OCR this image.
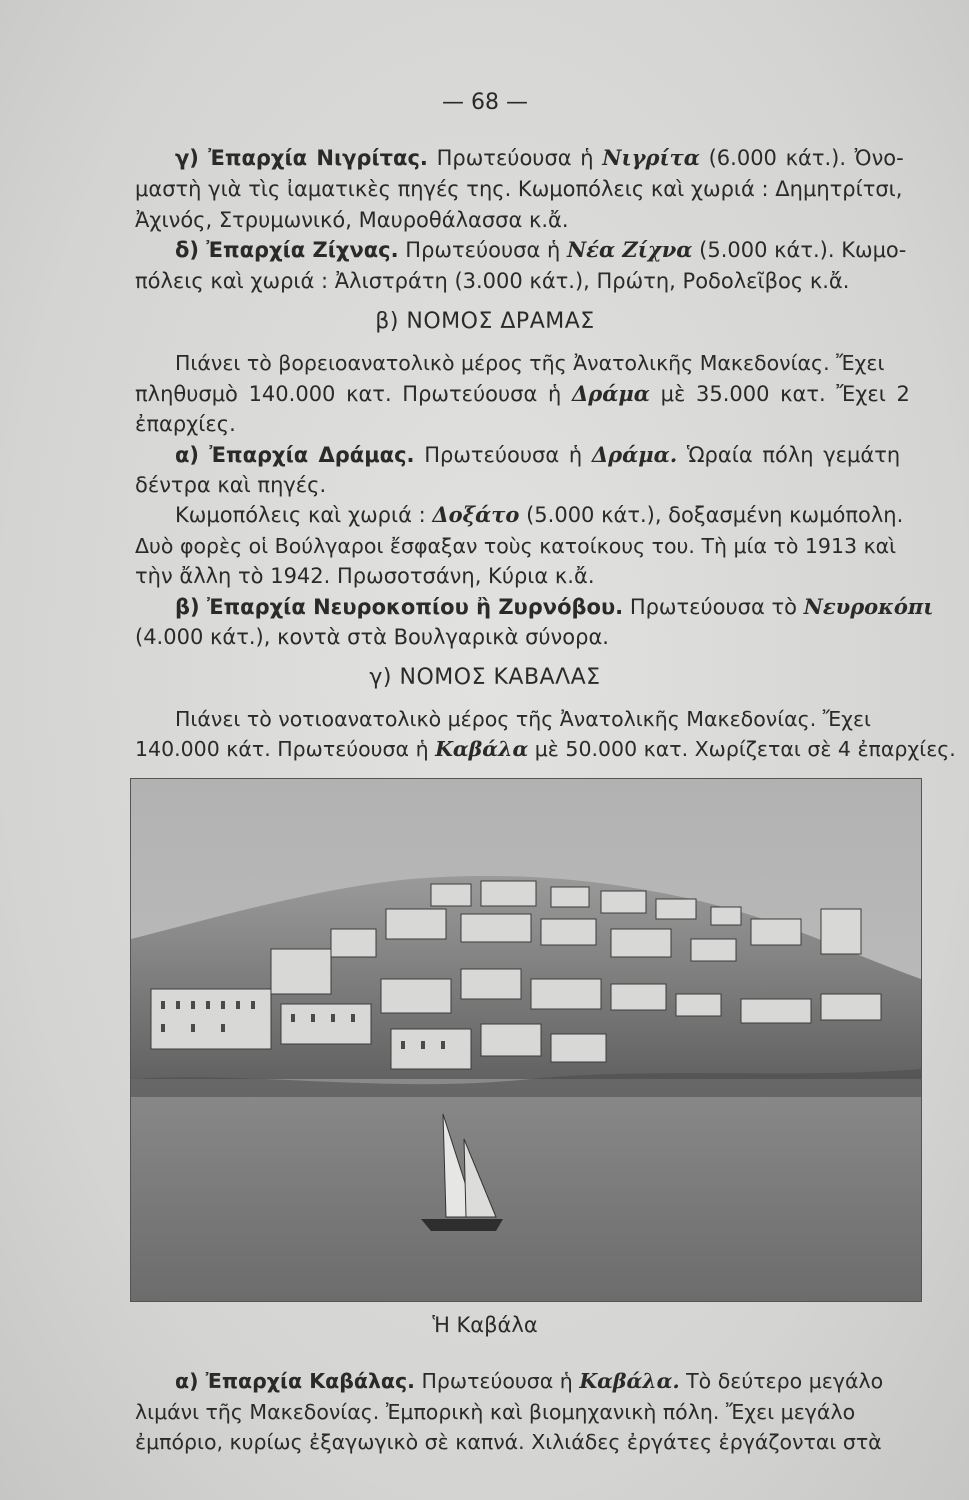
— 68 —
γ) Ἐπαρχία Νιγρίτας. Πρωτεύουσα ἡ Νιγρίτα (6.000 κάτ.). Ὀνο-
μαστὴ γιὰ τὶς ἰαματικὲς πηγές της. Κωμοπόλεις καὶ χωριά : Δημητρίτσι,
Ἀχινός, Στρυμωνικό, Μαυροθάλασσα κ.ἄ.
δ) Ἐπαρχία Ζίχνας. Πρωτεύουσα ἡ Νέα Ζίχνα (5.000 κάτ.). Κωμο-
πόλεις καὶ χωριά : Ἀλιστράτη (3.000 κάτ.), Πρώτη, Ροδολεῖβος κ.ἄ.
β) ΝΟΜΟΣ ΔΡΑΜΑΣ
Πιάνει τὸ βορειοανατολικὸ μέρος τῆς Ἀνατολικῆς Μακεδονίας. Ἔχει
πληθυσμὸ 140.000 κατ. Πρωτεύουσα ἡ Δράμα μὲ 35.000 κατ. Ἔχει 2
ἐπαρχίες.
α) Ἐπαρχία Δράμας. Πρωτεύουσα ἡ Δράμα. Ὡραία πόλη γεμάτη
δέντρα καὶ πηγές.
Κωμοπόλεις καὶ χωριά : Δοξάτο (5.000 κάτ.), δοξασμένη κωμόπολη.
Δυὸ φορὲς οἱ Βούλγαροι ἔσφαξαν τοὺς κατοίκους του. Τὴ μία τὸ 1913 καὶ
τὴν ἄλλη τὸ 1942. Πρωσοτσάνη, Κύρια κ.ἄ.
β) Ἐπαρχία Νευροκοπίου ἢ Ζυρνόβου. Πρωτεύουσα τὸ Νευροκόπι
(4.000 κάτ.), κοντὰ στὰ Βουλγαρικὰ σύνορα.
γ) ΝΟΜΟΣ ΚΑΒΑΛΑΣ
Πιάνει τὸ νοτιοανατολικὸ μέρος τῆς Ἀνατολικῆς Μακεδονίας. Ἔχει
140.000 κάτ. Πρωτεύουσα ἡ Καβάλα μὲ 50.000 κατ. Χωρίζεται σὲ 4 ἐπαρχίες.
Ἡ Καβάλα
α) Ἐπαρχία Καβάλας. Πρωτεύουσα ἡ Καβάλα. Τὸ δεύτερο μεγάλο
λιμάνι τῆς Μακεδονίας. Ἐμπορικὴ καὶ βιομηχανικὴ πόλη. Ἔχει μεγάλο
ἐμπόριο, κυρίως ἐξαγωγικὸ σὲ καπνά. Χιλιάδες ἐργάτες ἐργάζονται στὰ
